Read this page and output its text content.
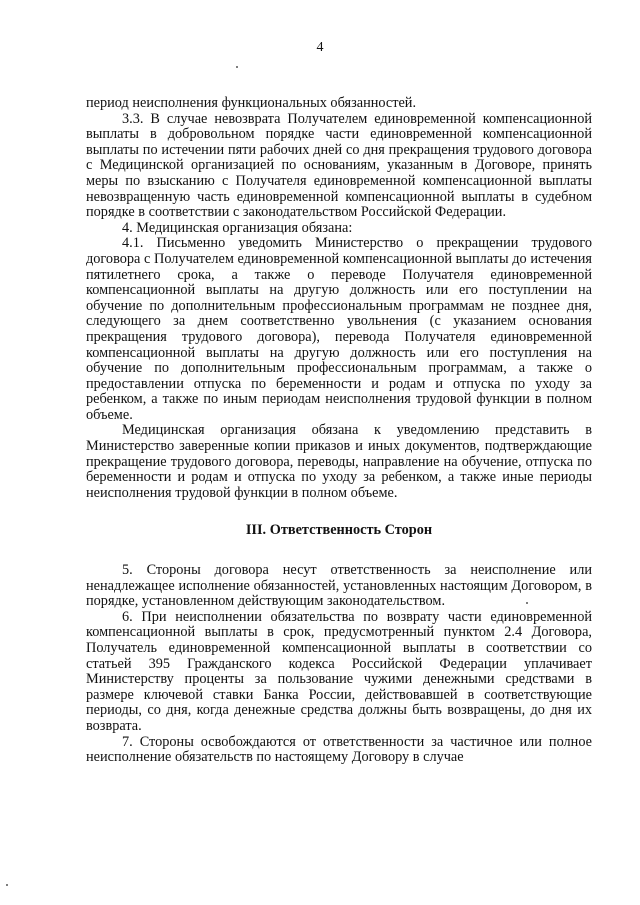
4

период неисполнения функциональных обязанностей.

3.3. В случае невозврата Получателем единовременной компенсационной выплаты в добровольном порядке части единовременной компенсационной выплаты по истечении пяти рабочих дней со дня прекращения трудового договора с Медицинской организацией по основаниям, указанным в Договоре, принять меры по взысканию с Получателя единовременной компенсационной выплаты невозвращенную часть единовременной компенсационной выплаты в судебном порядке в соответствии с законодательством Российской Федерации.

4. Медицинская организация обязана:

4.1. Письменно уведомить Министерство о прекращении трудового договора с Получателем единовременной компенсационной выплаты до истечения пятилетнего срока, а также о переводе Получателя единовременной компенсационной выплаты на другую должность или его поступлении на обучение по дополнительным профессиональным программам не позднее дня, следующего за днем соответственно увольнения (с указанием основания прекращения трудового договора), перевода Получателя единовременной компенсационной выплаты на другую должность или его поступления на обучение по дополнительным профессиональным программам, а также о предоставлении отпуска по беременности и родам и отпуска по уходу за ребенком, а также по иным периодам неисполнения трудовой функции в полном объеме.

Медицинская организация обязана к уведомлению представить в Министерство заверенные копии приказов и иных документов, подтверждающие прекращение трудового договора, переводы, направление на обучение, отпуска по беременности и родам и отпуска по уходу за ребенком, а также иные периоды неисполнения трудовой функции в полном объеме.

III. Ответственность Сторон

5. Стороны договора несут ответственность за неисполнение или ненадлежащее исполнение обязанностей, установленных настоящим Договором, в порядке, установленном действующим законодательством.

6. При неисполнении обязательства по возврату части единовременной компенсационной выплаты в срок, предусмотренный пунктом 2.4 Договора, Получатель единовременной компенсационной выплаты в соответствии со статьей 395 Гражданского кодекса Российской Федерации уплачивает Министерству проценты за пользование чужими денежными средствами в размере ключевой ставки Банка России, действовавшей в соответствующие периоды, со дня, когда денежные средства должны быть возвращены, до дня их возврата.

7. Стороны освобождаются от ответственности за частичное или полное неисполнение обязательств по настоящему Договору в случае
